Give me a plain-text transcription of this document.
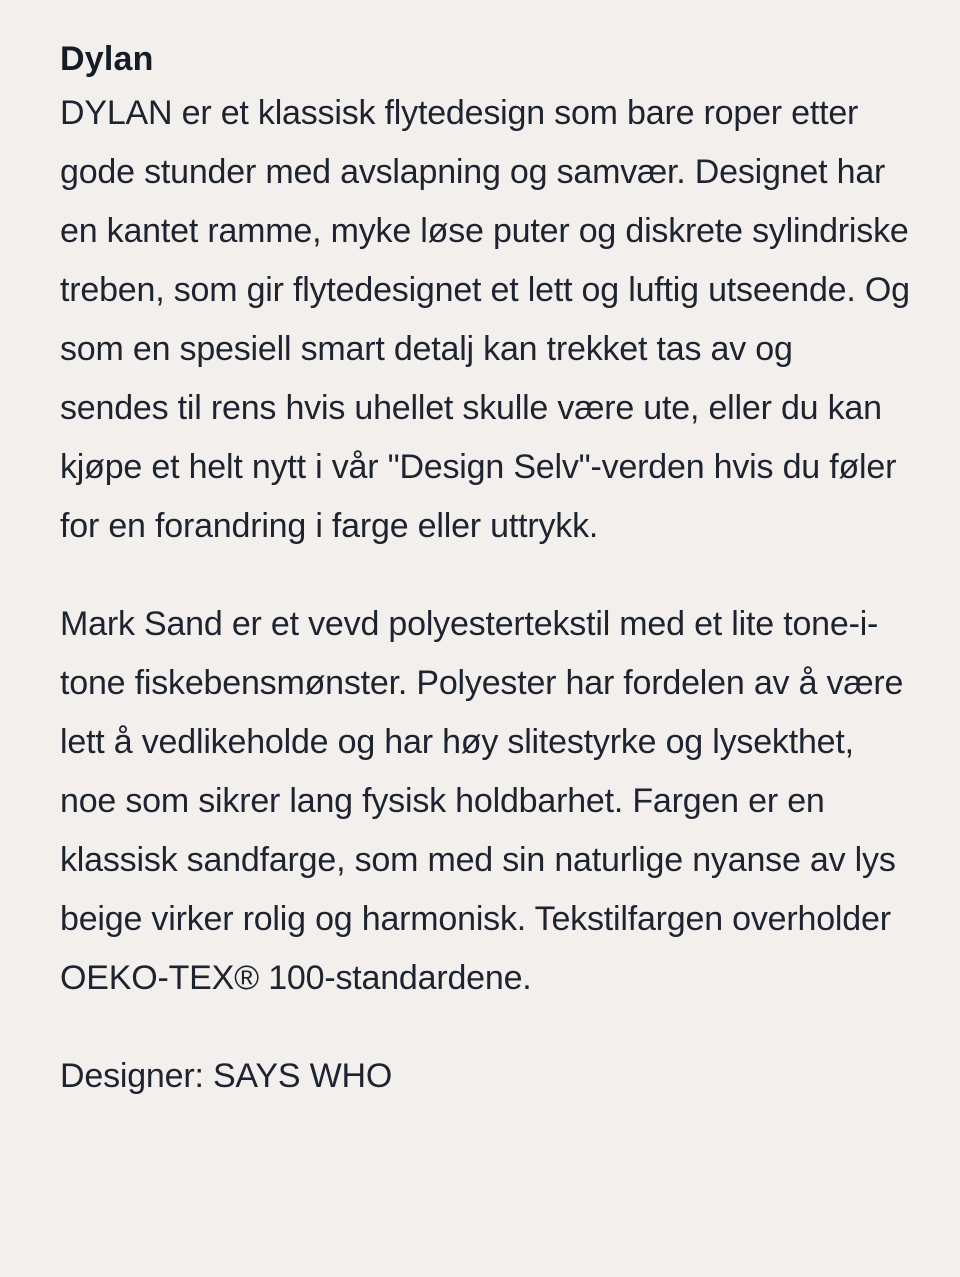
Dylan

DYLAN er et klassisk flytedesign som bare roper etter gode stunder med avslapning og samvær. Designet har en kantet ramme, myke løse puter og diskrete sylindriske treben, som gir flytedesignet et lett og luftig utseende. Og som en spesiell smart detalj kan trekket tas av og sendes til rens hvis uhellet skulle være ute, eller du kan kjøpe et helt nytt i vår "Design Selv"-verden hvis du føler for en forandring i farge eller uttrykk.

Mark Sand er et vevd polyestertekstil med et lite tone-i-tone fiskebensmønster. Polyester har fordelen av å være lett å vedlikeholde og har høy slitestyrke og lysekthet, noe som sikrer lang fysisk holdbarhet. Fargen er en klassisk sandfarge, som med sin naturlige nyanse av lys beige virker rolig og harmonisk. Tekstilfargen overholder OEKO-TEX® 100-standardene.

Designer: SAYS WHO
